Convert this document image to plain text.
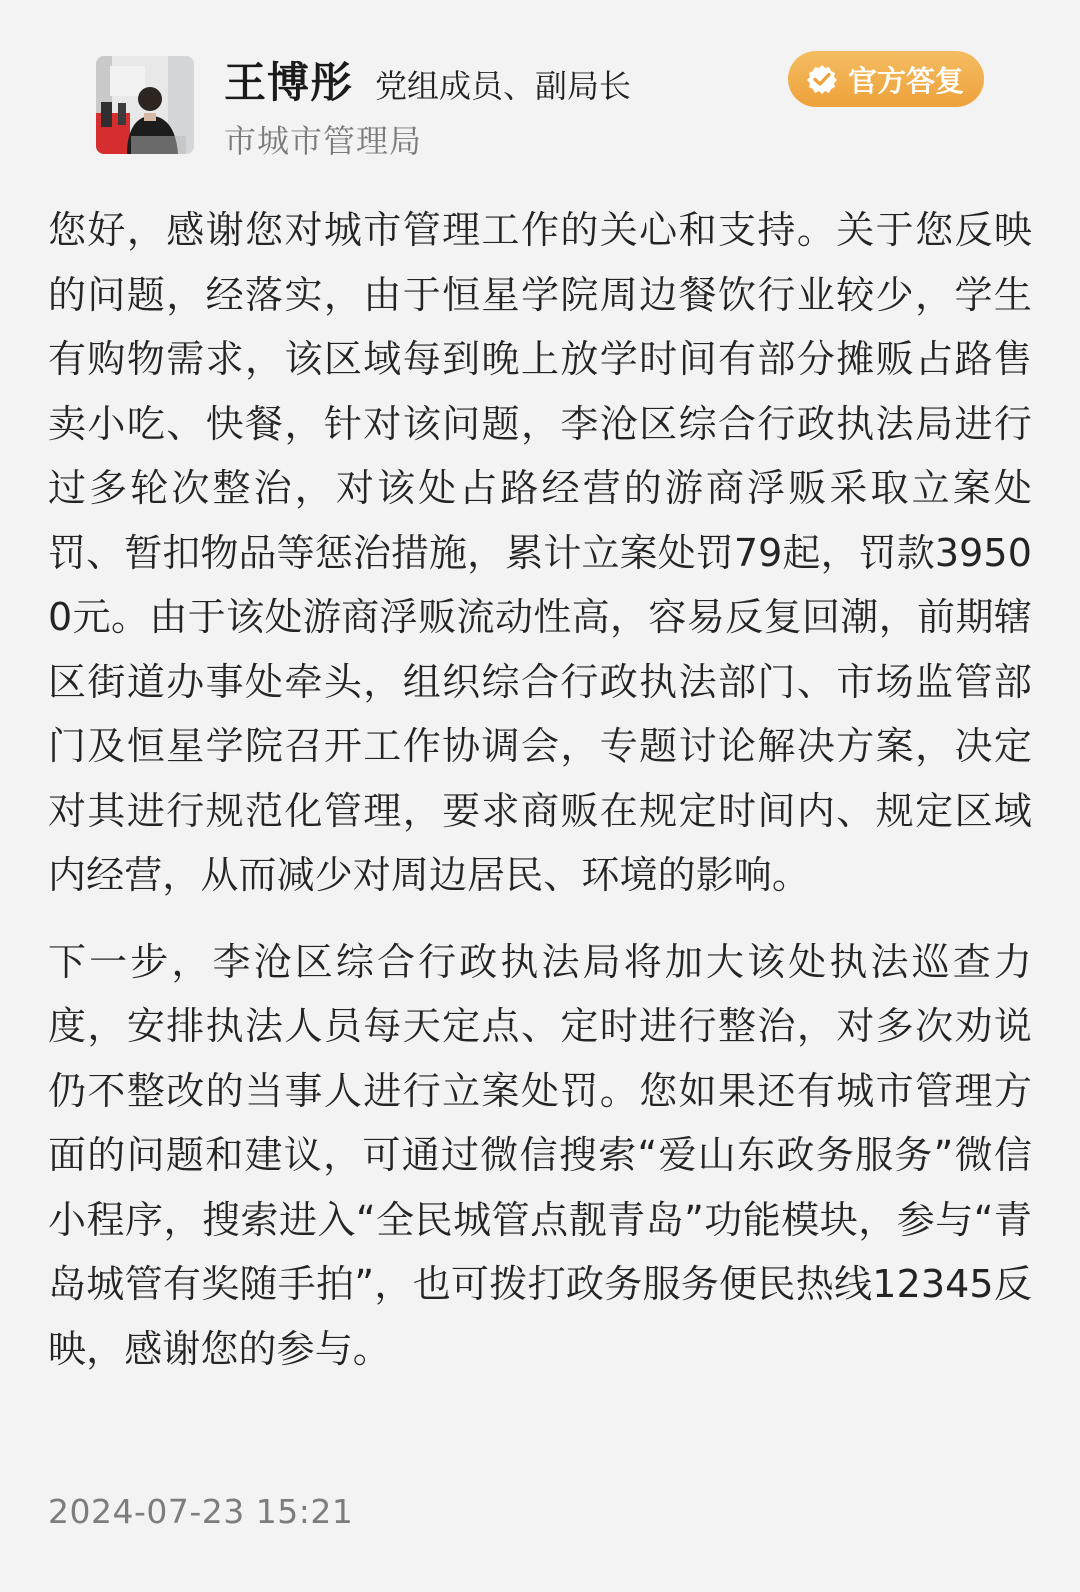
王博彤 党组成员、副局长
市城市管理局
官方答复

您好，感谢您对城市管理工作的关心和支持。关于您反映的问题，经落实，由于恒星学院周边餐饮行业较少，学生有购物需求，该区域每到晚上放学时间有部分摊贩占路售卖小吃、快餐，针对该问题，李沧区综合行政执法局进行过多轮次整治，对该处占路经营的游商浮贩采取立案处罚、暂扣物品等惩治措施，累计立案处罚79起，罚款39500元。由于该处游商浮贩流动性高，容易反复回潮，前期辖区街道办事处牵头，组织综合行政执法部门、市场监管部门及恒星学院召开工作协调会，专题讨论解决方案，决定对其进行规范化管理，要求商贩在规定时间内、规定区域内经营，从而减少对周边居民、环境的影响。

下一步，李沧区综合行政执法局将加大该处执法巡查力度，安排执法人员每天定点、定时进行整治，对多次劝说仍不整改的当事人进行立案处罚。您如果还有城市管理方面的问题和建议，可通过微信搜索“爱山东政务服务”微信小程序，搜索进入“全民城管点靓青岛”功能模块，参与“青岛城管有奖随手拍”，也可拨打政务服务便民热线12345反映，感谢您的参与。

2024-07-23 15:21
